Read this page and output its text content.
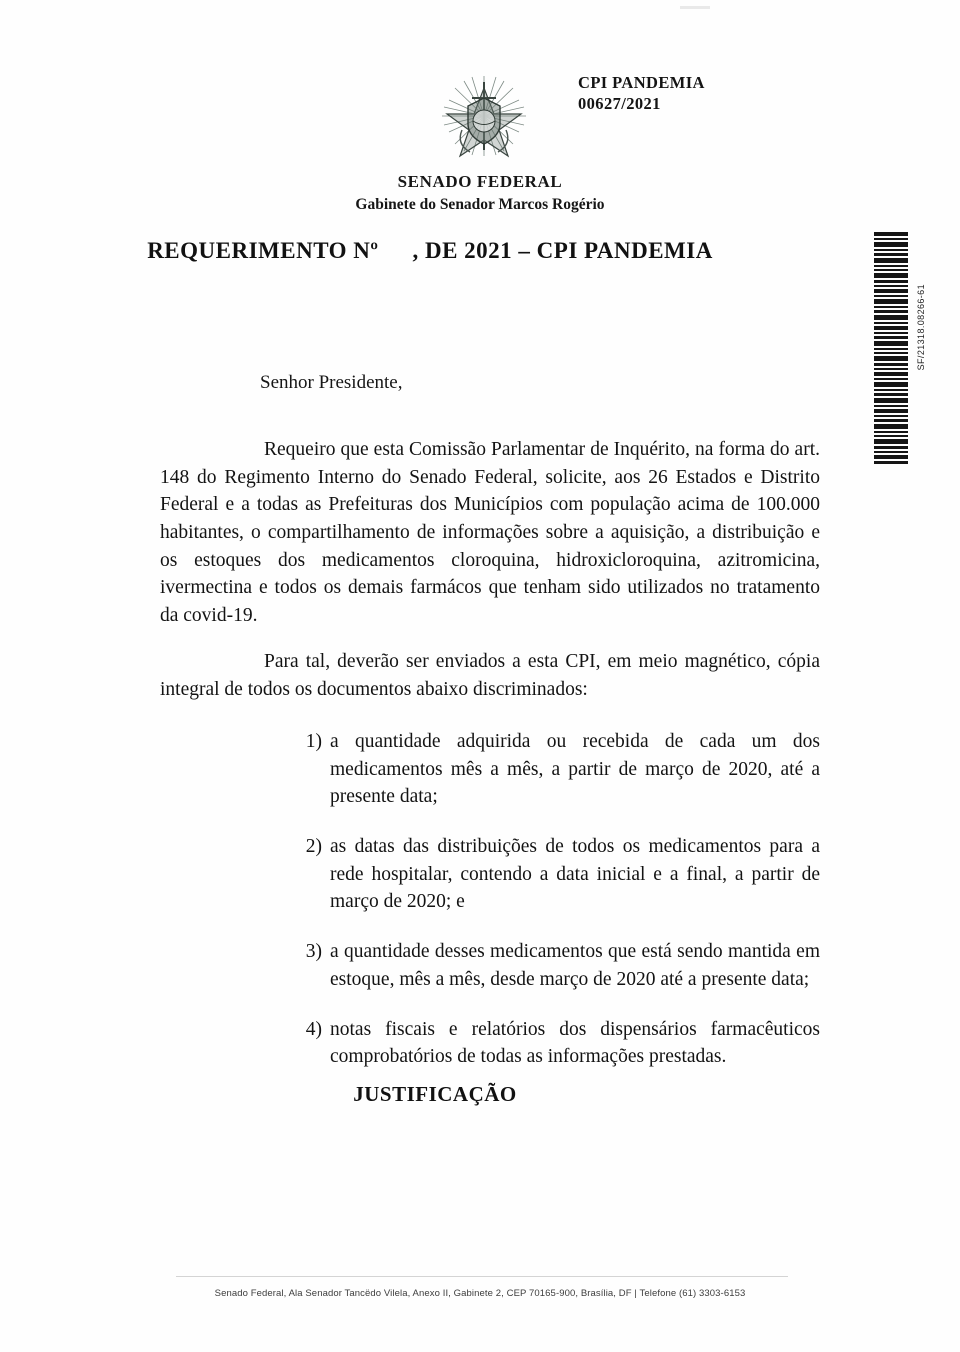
CPI PANDEMIA
00627/2021
SENADO FEDERAL
Gabinete do Senador Marcos Rogério
REQUERIMENTO Nº , DE 2021 – CPI PANDEMIA
SF/21318.08266-61
Senhor Presidente,

Requeiro que esta Comissão Parlamentar de Inquérito, na forma do art. 148 do Regimento Interno do Senado Federal, solicite, aos 26 Estados e Distrito Federal e a todas as Prefeituras dos Municípios com população acima de 100.000 habitantes, o compartilhamento de informações sobre a aquisição, a distribuição e os estoques dos medicamentos cloroquina, hidroxicloroquina, azitromicina, ivermectina e todos os demais farmácos que tenham sido utilizados no tratamento da covid-19.

Para tal, deverão ser enviados a esta CPI, em meio magnético, cópia integral de todos os documentos abaixo discriminados:

1) a quantidade adquirida ou recebida de cada um dos medicamentos mês a mês, a partir de março de 2020, até a presente data;
2) as datas das distribuições de todos os medicamentos para a rede hospitalar, contendo a data inicial e a final, a partir de março de 2020; e
3) a quantidade desses medicamentos que está sendo mantida em estoque, mês a mês, desde março de 2020 até a presente data;
4) notas fiscais e relatórios dos dispensários farmacêuticos comprobatórios de todas as informações prestadas.
JUSTIFICAÇÃO
Senado Federal, Ala Senador Tancëdo Vilela, Anexo II, Gabinete 2, CEP 70165-900, Brasília, DF | Telefone (61) 3303-6153
